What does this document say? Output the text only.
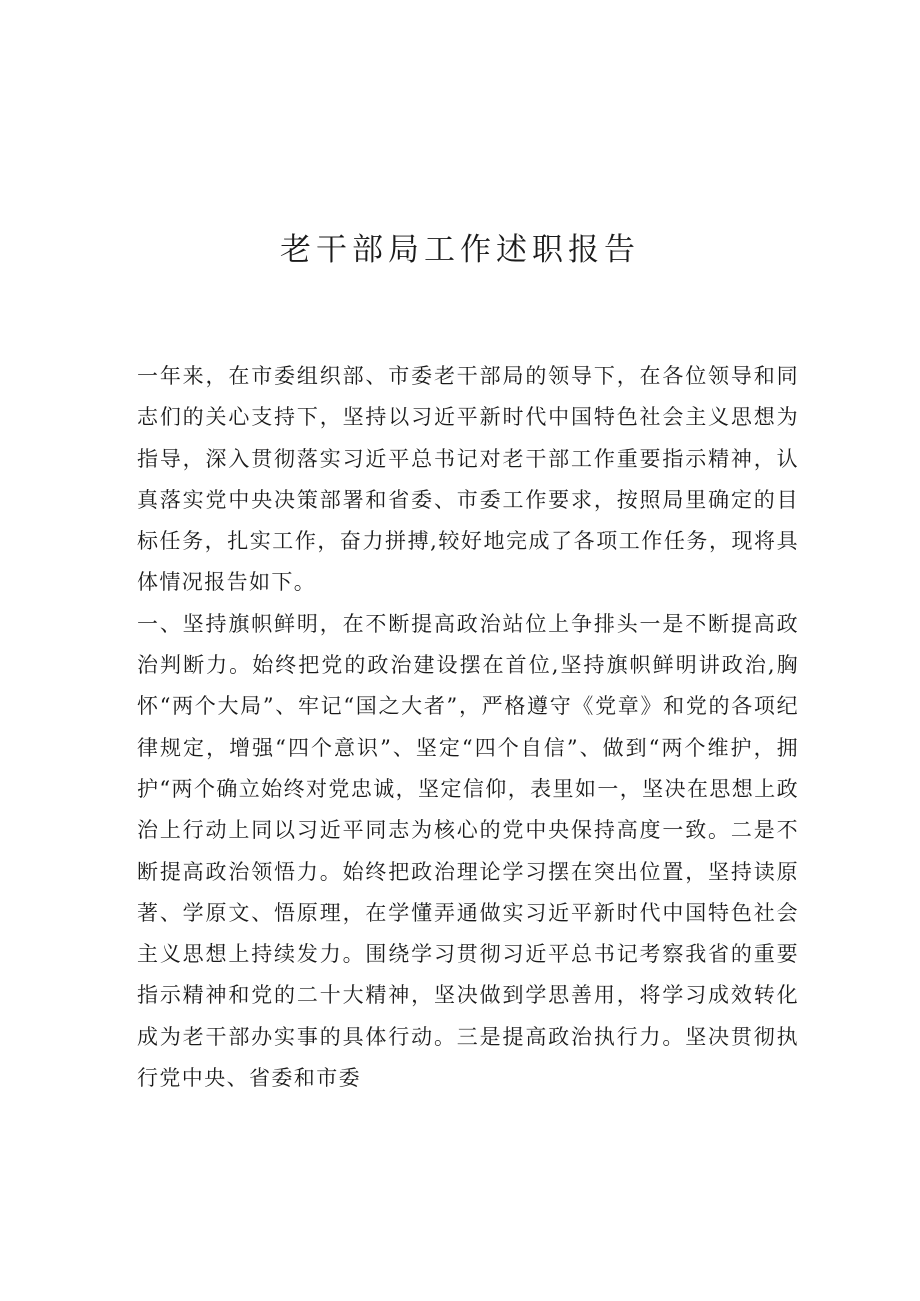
老干部局工作述职报告

一年来，在市委组织部、市委老干部局的领导下，在各位领导和同志们的关心支持下，坚持以习近平新时代中国特色社会主义思想为指导，深入贯彻落实习近平总书记对老干部工作重要指示精神，认真落实党中央决策部署和省委、市委工作要求，按照局里确定的目标任务，扎实工作，奋力拼搏,较好地完成了各项工作任务，现将具体情况报告如下。

一、坚持旗帜鲜明，在不断提高政治站位上争排头一是不断提高政治判断力。始终把党的政治建设摆在首位,坚持旗帜鲜明讲政治,胸怀“两个大局”、牢记“国之大者”，严格遵守《党章》和党的各项纪律规定，增强“四个意识”、坚定“四个自信”、做到“两个维护，拥护“两个确立始终对党忠诚，坚定信仰，表里如一，坚决在思想上政治上行动上同以习近平同志为核心的党中央保持高度一致。二是不断提高政治领悟力。始终把政治理论学习摆在突出位置，坚持读原著、学原文、悟原理，在学懂弄通做实习近平新时代中国特色社会主义思想上持续发力。围绕学习贯彻习近平总书记考察我省的重要指示精神和党的二十大精神，坚决做到学思善用，将学习成效转化成为老干部办实事的具体行动。三是提高政治执行力。坚决贯彻执行党中央、省委和市委
